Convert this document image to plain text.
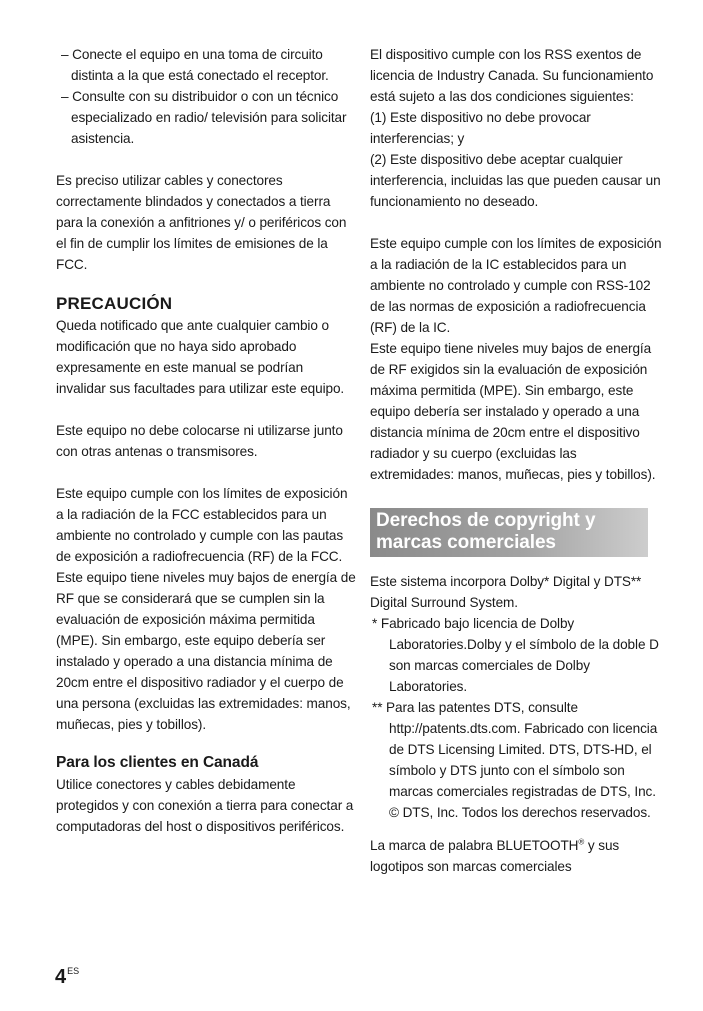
– Conecte el equipo en una toma de circuito distinta a la que está conectado el receptor.

– Consulte con su distribuidor o con un técnico especializado en radio/ televisión para solicitar asistencia.

Es preciso utilizar cables y conectores correctamente blindados y conectados a tierra para la conexión a anfitriones y/ o periféricos con el fin de cumplir los límites de emisiones de la FCC.

PRECAUCIÓN

Queda notificado que ante cualquier cambio o modificación que no haya sido aprobado expresamente en este manual se podrían invalidar sus facultades para utilizar este equipo.

Este equipo no debe colocarse ni utilizarse junto con otras antenas o transmisores.

Este equipo cumple con los límites de exposición a la radiación de la FCC establecidos para un ambiente no controlado y cumple con las pautas de exposición a radiofrecuencia (RF) de la FCC. Este equipo tiene niveles muy bajos de energía de RF que se considerará que se cumplen sin la evaluación de exposición máxima permitida (MPE). Sin embargo, este equipo debería ser instalado y operado a una distancia mínima de 20cm entre el dispositivo radiador y el cuerpo de una persona (excluidas las extremidades: manos, muñecas, pies y tobillos).

Para los clientes en Canadá

Utilice conectores y cables debidamente protegidos y con conexión a tierra para conectar a computadoras del host o dispositivos periféricos.

El dispositivo cumple con los RSS exentos de licencia de Industry Canada. Su funcionamiento está sujeto a las dos condiciones siguientes:

(1) Este dispositivo no debe provocar interferencias; y

(2) Este dispositivo debe aceptar cualquier interferencia, incluidas las que pueden causar un funcionamiento no deseado.

Este equipo cumple con los límites de exposición a la radiación de la IC establecidos para un ambiente no controlado y cumple con RSS-102 de las normas de exposición a radiofrecuencia (RF) de la IC.

Este equipo tiene niveles muy bajos de energía de RF exigidos sin la evaluación de exposición máxima permitida (MPE). Sin embargo, este equipo debería ser instalado y operado a una distancia mínima de 20cm entre el dispositivo radiador y su cuerpo (excluidas las extremidades: manos, muñecas, pies y tobillos).

Derechos de copyright y marcas comerciales

Este sistema incorpora Dolby* Digital y DTS** Digital Surround System.

* Fabricado bajo licencia de Dolby Laboratories.Dolby y el símbolo de la doble D son marcas comerciales de Dolby Laboratories.

** Para las patentes DTS, consulte http://patents.dts.com. Fabricado con licencia de DTS Licensing Limited. DTS, DTS-HD, el símbolo y DTS junto con el símbolo son marcas comerciales registradas de DTS, Inc. © DTS, Inc. Todos los derechos reservados.

La marca de palabra BLUETOOTH® y sus logotipos son marcas comerciales

$4^{ES}$
